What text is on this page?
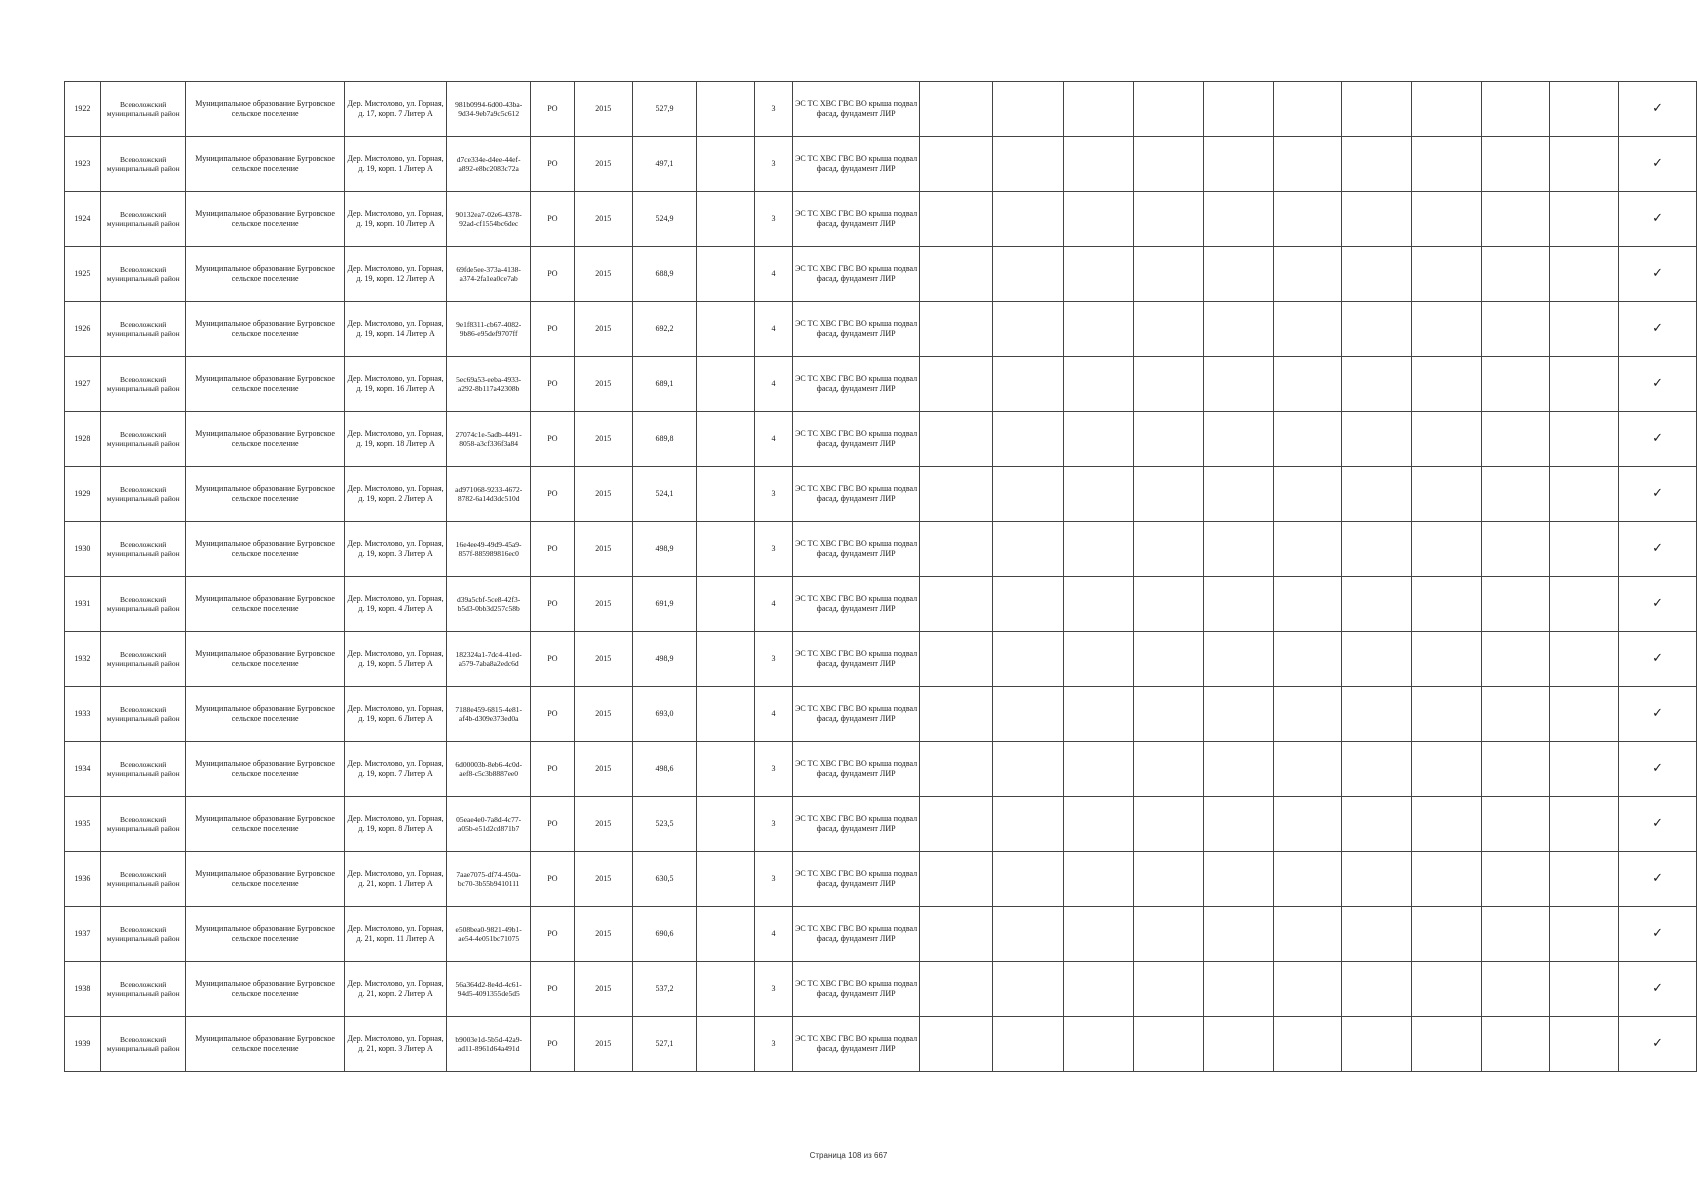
1922	Всеволожский муниципальный район	Муниципальное образование Бугровское сельское поселение	Дер. Мистолово, ул. Горная, д. 17, корп. 7 Литер А	981b0994-6d00-43ba-9d34-9eb7a9c5c612	РО	2015	527,9		3	ЭС ТС ХВС ГВС ВО крыша подвал фасад, фундамент ЛИР											✓
1923	Всеволожский муниципальный район	Муниципальное образование Бугровское сельское поселение	Дер. Мистолово, ул. Горная, д. 19, корп. 1 Литер А	d7ce334e-d4ee-44ef-a892-e8bc2083c72a	РО	2015	497,1		3	ЭС ТС ХВС ГВС ВО крыша подвал фасад, фундамент ЛИР											✓
1924	Всеволожский муниципальный район	Муниципальное образование Бугровское сельское поселение	Дер. Мистолово, ул. Горная, д. 19, корп. 10 Литер А	90132ea7-02e6-4378-92ad-cf1554bc6dec	РО	2015	524,9		3	ЭС ТС ХВС ГВС ВО крыша подвал фасад, фундамент ЛИР											✓
1925	Всеволожский муниципальный район	Муниципальное образование Бугровское сельское поселение	Дер. Мистолово, ул. Горная, д. 19, корп. 12 Литер А	69fde5ee-373a-4138-a374-2fa1ea0ce7ab	РО	2015	688,9		4	ЭС ТС ХВС ГВС ВО крыша подвал фасад, фундамент ЛИР											✓
1926	Всеволожский муниципальный район	Муниципальное образование Бугровское сельское поселение	Дер. Мистолово, ул. Горная, д. 19, корп. 14 Литер А	9e1f8311-cb67-4082-9b86-e95def9707ff	РО	2015	692,2		4	ЭС ТС ХВС ГВС ВО крыша подвал фасад, фундамент ЛИР											✓
1927	Всеволожский муниципальный район	Муниципальное образование Бугровское сельское поселение	Дер. Мистолово, ул. Горная, д. 19, корп. 16 Литер А	5ec69a53-eeba-4933-a292-8b117a42308b	РО	2015	689,1		4	ЭС ТС ХВС ГВС ВО крыша подвал фасад, фундамент ЛИР											✓
1928	Всеволожский муниципальный район	Муниципальное образование Бугровское сельское поселение	Дер. Мистолово, ул. Горная, д. 19, корп. 18 Литер А	27074c1e-5adb-4491-8058-a3cf336f3a84	РО	2015	689,8		4	ЭС ТС ХВС ГВС ВО крыша подвал фасад, фундамент ЛИР											✓
1929	Всеволожский муниципальный район	Муниципальное образование Бугровское сельское поселение	Дер. Мистолово, ул. Горная, д. 19, корп. 2 Литер А	ad971068-9233-4672-8782-6a14d3dc510d	РО	2015	524,1		3	ЭС ТС ХВС ГВС ВО крыша подвал фасад, фундамент ЛИР											✓
1930	Всеволожский муниципальный район	Муниципальное образование Бугровское сельское поселение	Дер. Мистолово, ул. Горная, д. 19, корп. 3 Литер А	16e4ee49-49d9-45a9-857f-885989816ec0	РО	2015	498,9		3	ЭС ТС ХВС ГВС ВО крыша подвал фасад, фундамент ЛИР											✓
1931	Всеволожский муниципальный район	Муниципальное образование Бугровское сельское поселение	Дер. Мистолово, ул. Горная, д. 19, корп. 4 Литер А	d39a5cbf-5ce8-42f3-b5d3-0bb3d257c58b	РО	2015	691,9		4	ЭС ТС ХВС ГВС ВО крыша подвал фасад, фундамент ЛИР											✓
1932	Всеволожский муниципальный район	Муниципальное образование Бугровское сельское поселение	Дер. Мистолово, ул. Горная, д. 19, корп. 5 Литер А	182324a1-7dc4-41ed-a579-7aba8a2edc6d	РО	2015	498,9		3	ЭС ТС ХВС ГВС ВО крыша подвал фасад, фундамент ЛИР											✓
1933	Всеволожский муниципальный район	Муниципальное образование Бугровское сельское поселение	Дер. Мистолово, ул. Горная, д. 19, корп. 6 Литер А	7188e459-6815-4e81-af4b-d309e373ed0a	РО	2015	693,0		4	ЭС ТС ХВС ГВС ВО крыша подвал фасад, фундамент ЛИР											✓
1934	Всеволожский муниципальный район	Муниципальное образование Бугровское сельское поселение	Дер. Мистолово, ул. Горная, д. 19, корп. 7 Литер А	6d00003b-8eb6-4c0d-aef8-c5c3b8887ee0	РО	2015	498,6		3	ЭС ТС ХВС ГВС ВО крыша подвал фасад, фундамент ЛИР											✓
1935	Всеволожский муниципальный район	Муниципальное образование Бугровское сельское поселение	Дер. Мистолово, ул. Горная, д. 19, корп. 8 Литер А	05eae4e0-7a8d-4c77-a05b-e51d2cd871b7	РО	2015	523,5		3	ЭС ТС ХВС ГВС ВО крыша подвал фасад, фундамент ЛИР											✓
1936	Всеволожский муниципальный район	Муниципальное образование Бугровское сельское поселение	Дер. Мистолово, ул. Горная, д. 21, корп. 1 Литер А	7aae7075-df74-450a-bc70-3b55b9410111	РО	2015	630,5		3	ЭС ТС ХВС ГВС ВО крыша подвал фасад, фундамент ЛИР											✓
1937	Всеволожский муниципальный район	Муниципальное образование Бугровское сельское поселение	Дер. Мистолово, ул. Горная, д. 21, корп. 11 Литер А	e508bea0-9821-49b1-ae54-4e051bc71075	РО	2015	690,6		4	ЭС ТС ХВС ГВС ВО крыша подвал фасад, фундамент ЛИР											✓
1938	Всеволожский муниципальный район	Муниципальное образование Бугровское сельское поселение	Дер. Мистолово, ул. Горная, д. 21, корп. 2 Литер А	56a364d2-8e4d-4c61-94d5-4091355de5d5	РО	2015	537,2		3	ЭС ТС ХВС ГВС ВО крыша подвал фасад, фундамент ЛИР											✓
1939	Всеволожский муниципальный район	Муниципальное образование Бугровское сельское поселение	Дер. Мистолово, ул. Горная, д. 21, корп. 3 Литер А	b9003e1d-5b5d-42a9-ad11-8961d64a491d	РО	2015	527,1		3	ЭС ТС ХВС ГВС ВО крыша подвал фасад, фундамент ЛИР											✓
Страница 108 из 667
